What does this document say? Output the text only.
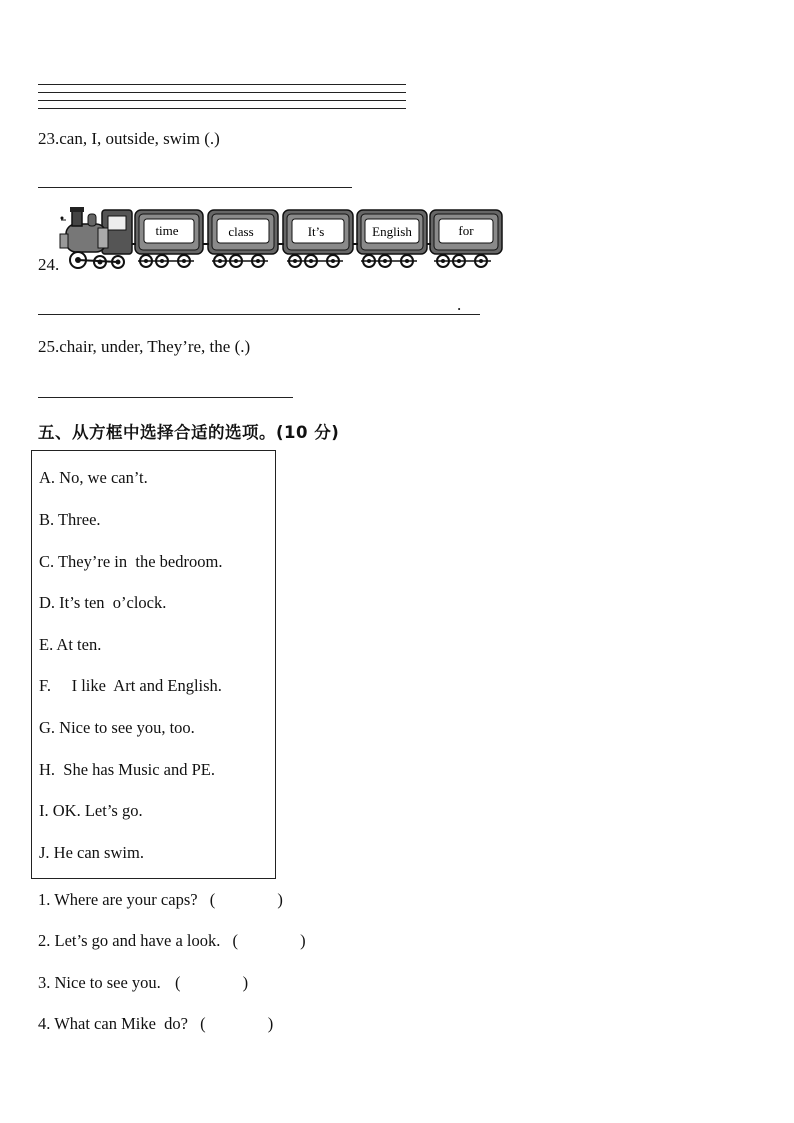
23.can, I, outside, swim (.)
24.
time	class	It’s	English	for
.
25.chair, under, They’re, the (.)
五、从方框中选择合适的选项。(10 分)
A. No, we can’t.
B. Three.
C. They’re in  the bedroom.
D. It’s ten  o’clock.
E. At ten.
F.     I like  Art and English.
G. Nice to see you, too.
H.  She has Music and PE.
I. OK. Let’s go.
J. He can swim.
1. Where are your caps? (	)
2. Let’s go and have a look. (	)
3. Nice to see you. (	)
4. What can Mike  do? (	)
